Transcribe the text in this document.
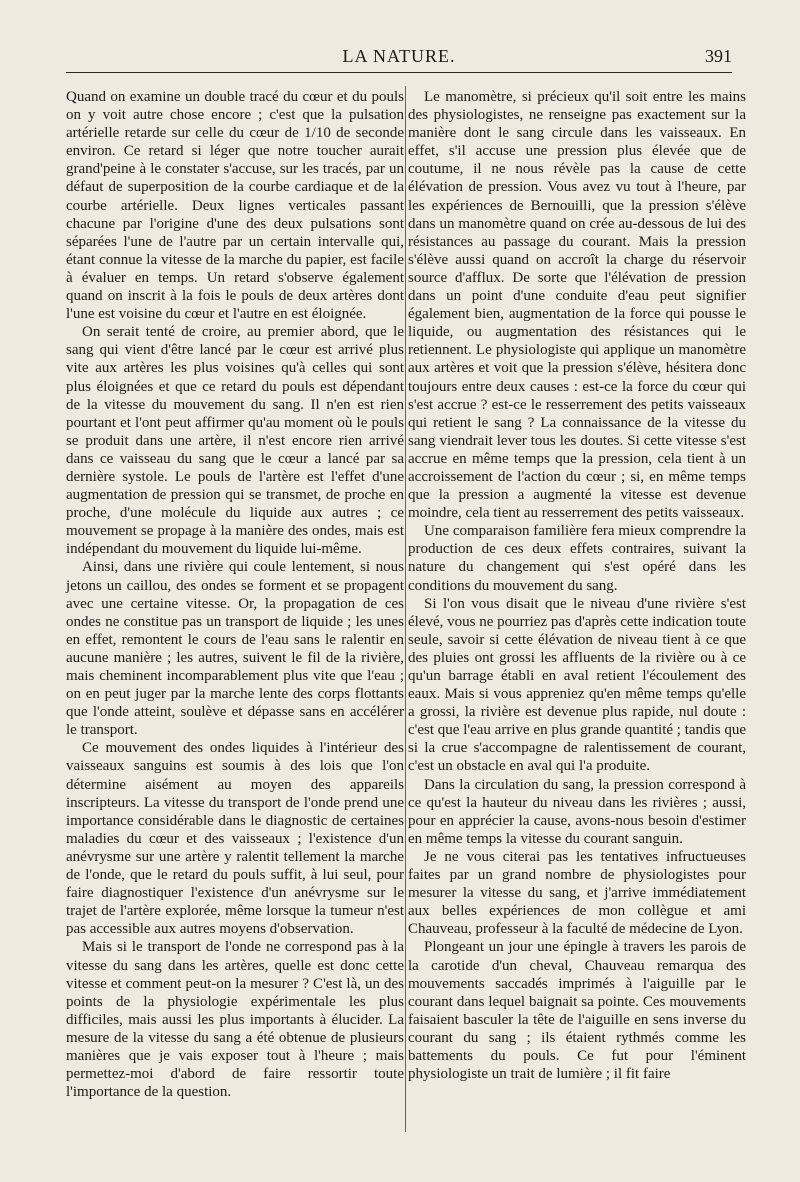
LA NATURE.	391

Quand on examine un double tracé du cœur et du pouls on y voit autre chose encore ; c'est que la pulsation artérielle retarde sur celle du cœur de 1/10 de seconde environ. Ce retard si léger que notre toucher aurait grand'peine à le constater s'accuse, sur les tracés, par un défaut de superposition de la courbe cardiaque et de la courbe artérielle. Deux lignes verticales passant chacune par l'origine d'une des deux pulsations sont séparées l'une de l'autre par un certain intervalle qui, étant connue la vitesse de la marche du papier, est facile à évaluer en temps. Un retard s'observe également quand on inscrit à la fois le pouls de deux artères dont l'une est voisine du cœur et l'autre en est éloignée.

On serait tenté de croire, au premier abord, que le sang qui vient d'être lancé par le cœur est arrivé plus vite aux artères les plus voisines qu'à celles qui sont plus éloignées et que ce retard du pouls est dépendant de la vitesse du mouvement du sang. Il n'en est rien pourtant et l'ont peut affirmer qu'au moment où le pouls se produit dans une artère, il n'est encore rien arrivé dans ce vaisseau du sang que le cœur a lancé par sa dernière systole. Le pouls de l'artère est l'effet d'une augmentation de pression qui se transmet, de proche en proche, d'une molécule du liquide aux autres ; ce mouvement se propage à la manière des ondes, mais est indépendant du mouvement du liquide lui-même.

Ainsi, dans une rivière qui coule lentement, si nous jetons un caillou, des ondes se forment et se propagent avec une certaine vitesse. Or, la propagation de ces ondes ne constitue pas un transport de liquide ; les unes en effet, remontent le cours de l'eau sans le ralentir en aucune manière ; les autres, suivent le fil de la rivière, mais cheminent incomparablement plus vite que l'eau ; on en peut juger par la marche lente des corps flottants que l'onde atteint, soulève et dépasse sans en accélérer le transport.

Ce mouvement des ondes liquides à l'intérieur des vaisseaux sanguins est soumis à des lois que l'on détermine aisément au moyen des appareils inscripteurs. La vitesse du transport de l'onde prend une importance considérable dans le diagnostic de certaines maladies du cœur et des vaisseaux ; l'existence d'un anévrysme sur une artère y ralentit tellement la marche de l'onde, que le retard du pouls suffit, à lui seul, pour faire diagnostiquer l'existence d'un anévrysme sur le trajet de l'artère explorée, même lorsque la tumeur n'est pas accessible aux autres moyens d'observation.

Mais si le transport de l'onde ne correspond pas à la vitesse du sang dans les artères, quelle est donc cette vitesse et comment peut-on la mesurer ? C'est là, un des points de la physiologie expérimentale les plus difficiles, mais aussi les plus importants à élucider. La mesure de la vitesse du sang a été obtenue de plusieurs manières que je vais exposer tout à l'heure ; mais permettez-moi d'abord de faire ressortir toute l'importance de la question.

Le manomètre, si précieux qu'il soit entre les mains des physiologistes, ne renseigne pas exactement sur la manière dont le sang circule dans les vaisseaux. En effet, s'il accuse une pression plus élevée que de coutume, il ne nous révèle pas la cause de cette élévation de pression. Vous avez vu tout à l'heure, par les expériences de Bernouilli, que la pression s'élève dans un manomètre quand on crée au-dessous de lui des résistances au passage du courant. Mais la pression s'élève aussi quand on accroît la charge du réservoir source d'afflux. De sorte que l'élévation de pression dans un point d'une conduite d'eau peut signifier également bien, augmentation de la force qui pousse le liquide, ou augmentation des résistances qui le retiennent. Le physiologiste qui applique un manomètre aux artères et voit que la pression s'élève, hésitera donc toujours entre deux causes : est-ce la force du cœur qui s'est accrue ? est-ce le resserrement des petits vaisseaux qui retient le sang ? La connaissance de la vitesse du sang viendrait lever tous les doutes. Si cette vitesse s'est accrue en même temps que la pression, cela tient à un accroissement de l'action du cœur ; si, en même temps que la pression a augmenté la vitesse est devenue moindre, cela tient au resserrement des petits vaisseaux.

Une comparaison familière fera mieux comprendre la production de ces deux effets contraires, suivant la nature du changement qui s'est opéré dans les conditions du mouvement du sang.

Si l'on vous disait que le niveau d'une rivière s'est élevé, vous ne pourriez pas d'après cette indication toute seule, savoir si cette élévation de niveau tient à ce que des pluies ont grossi les affluents de la rivière ou à ce qu'un barrage établi en aval retient l'écoulement des eaux. Mais si vous appreniez qu'en même temps qu'elle a grossi, la rivière est devenue plus rapide, nul doute : c'est que l'eau arrive en plus grande quantité ; tandis que si la crue s'accompagne de ralentissement de courant, c'est un obstacle en aval qui l'a produite.

Dans la circulation du sang, la pression correspond à ce qu'est la hauteur du niveau dans les rivières ; aussi, pour en apprécier la cause, avons-nous besoin d'estimer en même temps la vitesse du courant sanguin.

Je ne vous citerai pas les tentatives infructueuses faites par un grand nombre de physiologistes pour mesurer la vitesse du sang, et j'arrive immédiatement aux belles expériences de mon collègue et ami Chauveau, professeur à la faculté de médecine de Lyon.

Plongeant un jour une épingle à travers les parois de la carotide d'un cheval, Chauveau remarqua des mouvements saccadés imprimés à l'aiguille par le courant dans lequel baignait sa pointe. Ces mouvements faisaient basculer la tête de l'aiguille en sens inverse du courant du sang ; ils étaient rythmés comme les battements du pouls. Ce fut pour l'éminent physiologiste un trait de lumière ; il fit faire
